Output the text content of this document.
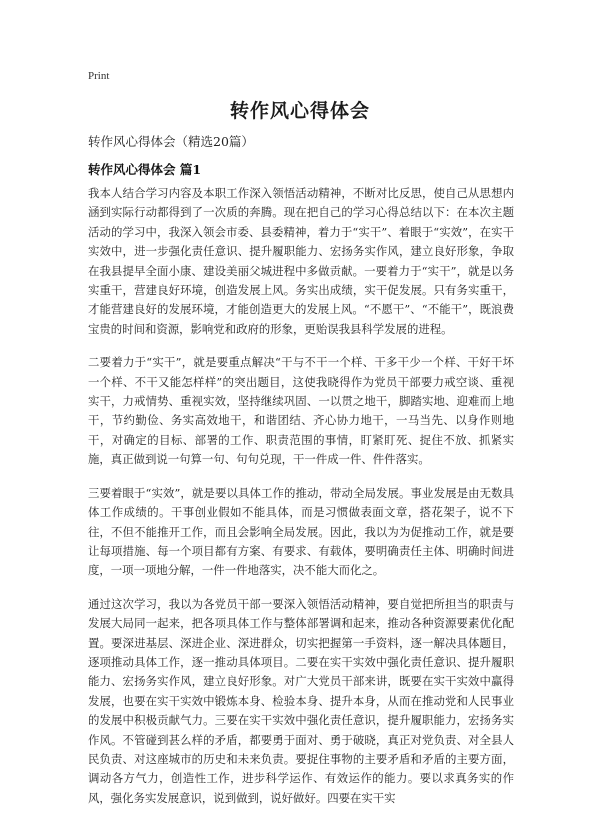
Print
转作风心得体会
转作风心得体会（精选20篇）
转作风心得体会 篇1

我本人结合学习内容及本职工作深入领悟活动精神，不断对比反思，使自己从思想内涵到实际行动都得到了一次质的奔腾。现在把自己的学习心得总结以下：在本次主题活动的学习中，我深入领会市委、县委精神，着力于“实干”、着眼于“实效”，在实干实效中，进一步强化责任意识、提升履职能力、宏扬务实作风，建立良好形象，争取在我县提早全面小康、建设美丽父城进程中多做贡献。一要着力于“实干”，就是以务实重干，营建良好环境，创造发展上风。务实出成绩，实干促发展。只有务实重干，才能营建良好的发展环境，才能创造更大的发展上风。“不愿干”、“不能干”，既浪费宝贵的时间和资源，影响党和政府的形象，更贻误我县科学发展的进程。

二要着力于“实干”，就是要重点解决“干与不干一个样、干多干少一个样、干好干坏一个样、不干又能怎样样”的突出题目，这使我晓得作为党员干部要力戒空谈、重视实干，力戒情势、重视实效，坚持继续巩固、一以贯之地干，脚踏实地、迎难而上地干，节约勤俭、务实高效地干，和谐团结、齐心协力地干，一马当先、以身作则地干，对确定的目标、部署的工作、职责范围的事情，盯紧盯死、捉住不放、抓紧实施，真正做到说一句算一句、句句兑现，干一件成一件、件件落实。

三要着眼于“实效”，就是要以具体工作的推动，带动全局发展。事业发展是由无数具体工作成绩的。干事创业假如不能具体，而是习惯做表面文章，搭花架子，说不下往，不但不能推开工作，而且会影响全局发展。因此，我以为为促推动工作，就是要让每项措施、每一个项目都有方案、有要求、有载体，要明确责任主体、明确时间进度，一项一项地分解，一件一件地落实，决不能大而化之。

通过这次学习，我以为各党员干部一要深入领悟活动精神，要自觉把所担当的职责与发展大局同一起来，把各项具体工作与整体部署调和起来，推动各种资源要素优化配置。要深进基层、深进企业、深进群众，切实把握第一手资料，逐一解决具体题目，逐项推动具体工作，逐一推动具体项目。二要在实干实效中强化责任意识、提升履职能力、宏扬务实作风，建立良好形象。对广大党员干部来讲，既要在实干实效中赢得发展，也要在实干实效中锻炼本身、检验本身、提升本身，从而在推动党和人民事业的发展中积极贡献气力。三要在实干实效中强化责任意识，提升履职能力，宏扬务实作风。不管碰到甚么样的矛盾，都要勇于面对、勇于破晓，真正对党负责、对全县人民负责、对这座城市的历史和未来负责。要捉住事物的主要矛盾和矛盾的主要方面，调动各方气力，创造性工作，进步科学运作、有效运作的能力。要以求真务实的作风，强化务实发展意识，说到做到，说好做好。四要在实干实
